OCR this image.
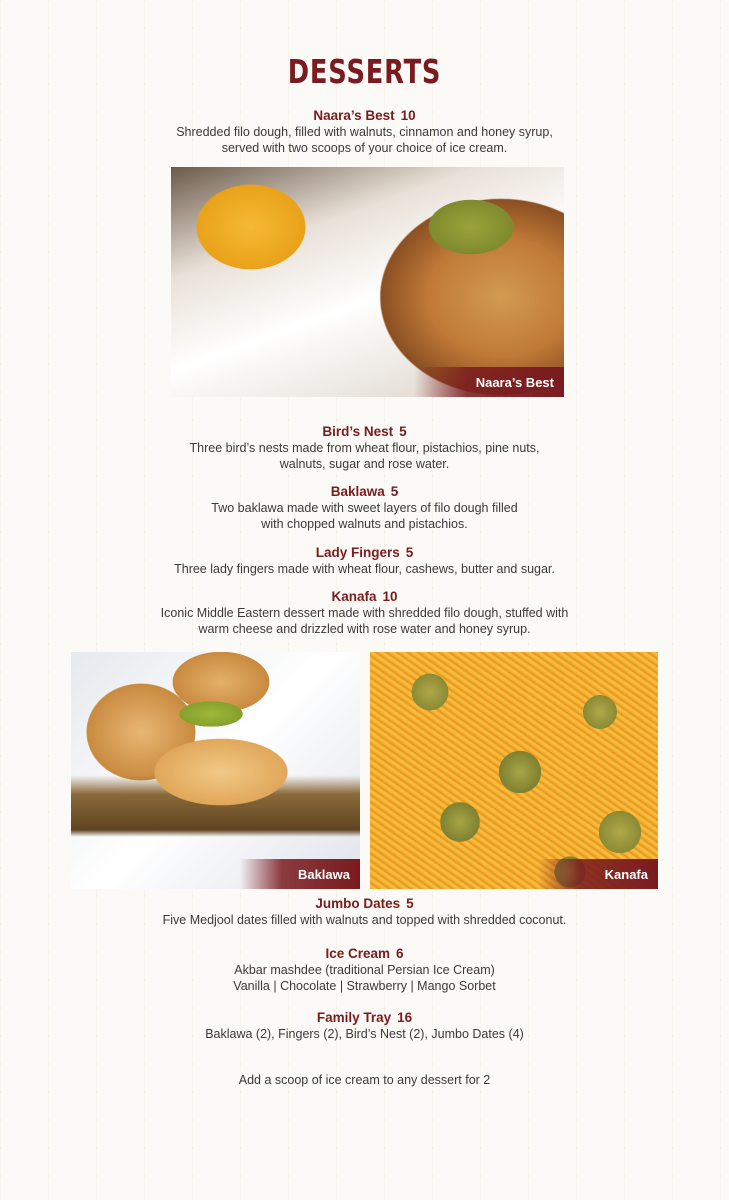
DESSERTS
Naara’s Best 10
Shredded filo dough, filled with walnuts, cinnamon and honey syrup,
served with two scoops of your choice of ice cream.
Naara’s Best
Bird’s Nest 5
Three bird’s nests made from wheat flour, pistachios, pine nuts,
walnuts, sugar and rose water.
Baklawa 5
Two baklawa made with sweet layers of filo dough filled
with chopped walnuts and pistachios.
Lady Fingers 5
Three lady fingers made with wheat flour, cashews, butter and sugar.
Kanafa 10
Iconic Middle Eastern dessert made with shredded filo dough, stuffed with
warm cheese and drizzled with rose water and honey syrup.
Baklawa	Kanafa
Jumbo Dates 5
Five Medjool dates filled with walnuts and topped with shredded coconut.
Ice Cream 6
Akbar mashdee (traditional Persian Ice Cream)
Vanilla | Chocolate | Strawberry | Mango Sorbet
Family Tray 16
Baklawa (2), Fingers (2), Bird’s Nest (2), Jumbo Dates (4)
Add a scoop of ice cream to any dessert for 2
